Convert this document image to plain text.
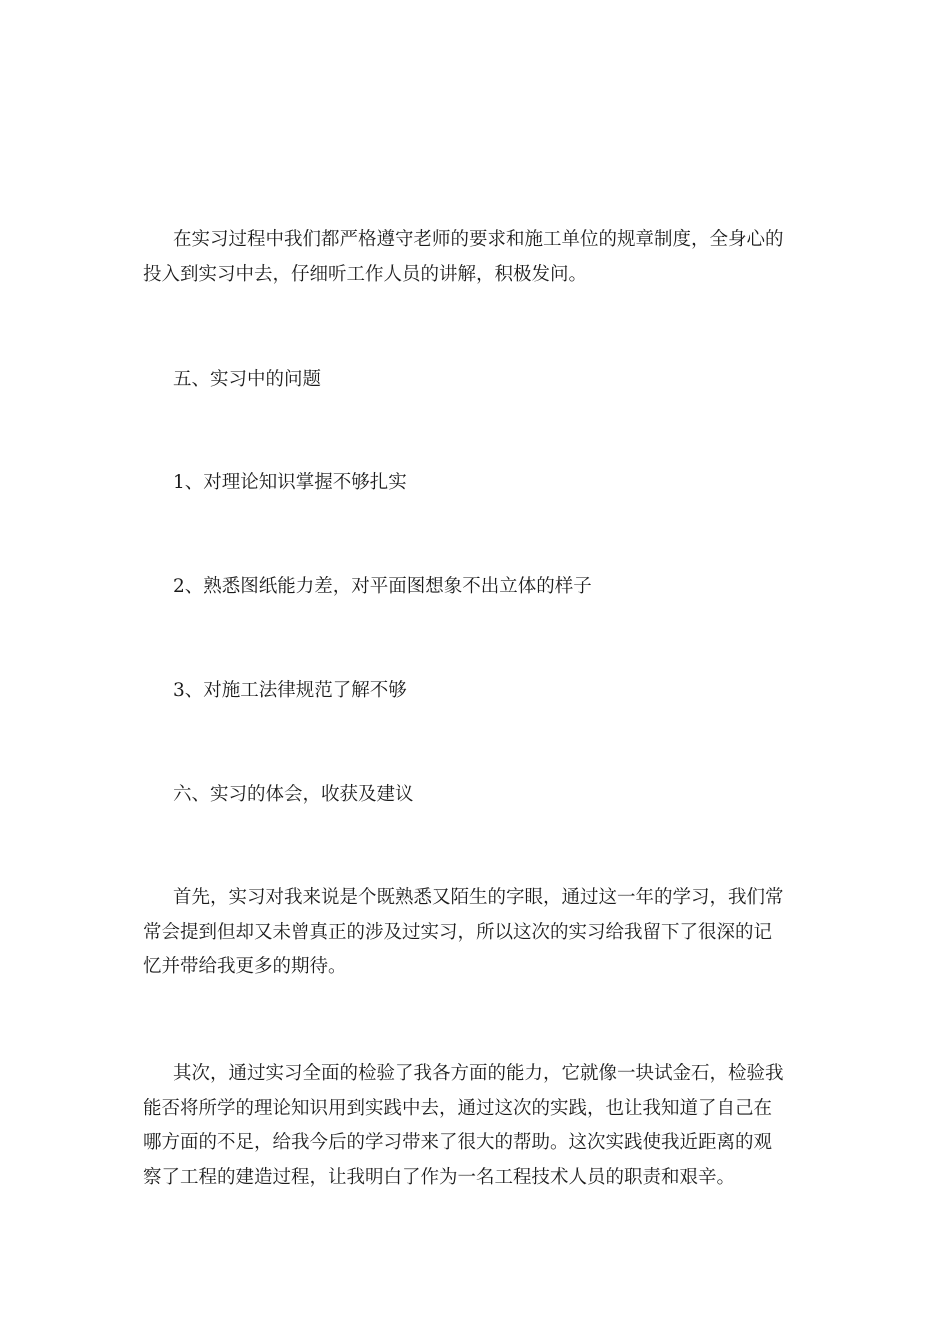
在实习过程中我们都严格遵守老师的要求和施工单位的规章制度，全身心的
投入到实习中去，仔细听工作人员的讲解，积极发问。

五、实习中的问题

1、对理论知识掌握不够扎实

2、熟悉图纸能力差，对平面图想象不出立体的样子

3、对施工法律规范了解不够

六、实习的体会，收获及建议

首先，实习对我来说是个既熟悉又陌生的字眼，通过这一年的学习，我们常
常会提到但却又未曾真正的涉及过实习，所以这次的实习给我留下了很深的记
忆并带给我更多的期待。

其次，通过实习全面的检验了我各方面的能力，它就像一块试金石，检验我
能否将所学的理论知识用到实践中去，通过这次的实践，也让我知道了自己在
哪方面的不足，给我今后的学习带来了很大的帮助。这次实践使我近距离的观
察了工程的建造过程，让我明白了作为一名工程技术人员的职责和艰辛。
